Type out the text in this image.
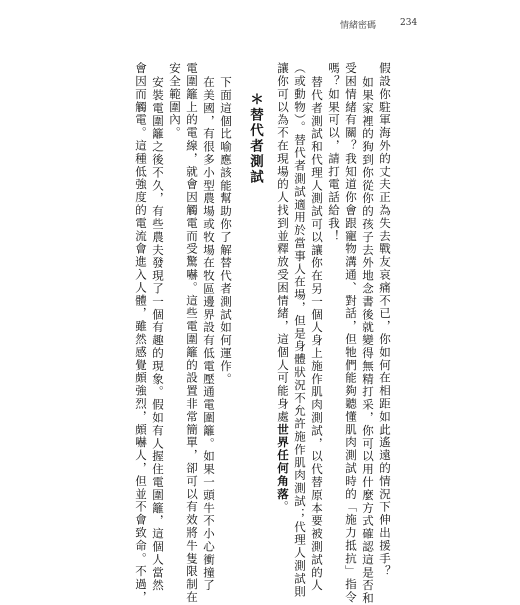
情緒密碼	234
假設你駐軍海外的丈夫正為失去戰友哀痛不已，你如何在相距如此遙遠的情況下伸出援手？
如果家裡的狗到你從你的孩子去外地念書後就變得無精打采，你可以用什麼方式確認這是否和
受困情緒有關？我知道你會跟寵物溝通、對話，但牠們能夠聽懂肌肉測試時的「施力抵抗」指令
嗎？如果可以，請打電話給我！
替代者測試和代理人測試可以讓你在另一個人身上施作肌肉測試，以代替原本要被測試的人
（或動物）。替代者測試適用於當事人在場，但是身體狀況不允許施作肌肉測試；代理人測試則
讓你可以為不在現場的人找到並釋放受困情緒，這個人可能身處世界任何角落。
＊替代者測試
下面這個比喻應該能幫助你了解替代者測試如何運作。
在美國，有很多小型農場或牧場在牧區邊界設有低電壓通電圍籬。如果一頭牛不小心衝撞了
電圍籬上的電線，就會因觸電而受驚嚇。這些電圍籬的設置非常簡單，卻可以有效將牛隻限制在
安全範圍內。
安裝電圍籬之後不久，有些農夫發現了一個有趣的現象。假如有人握住電圍籬，這個人當然
會因而觸電。這種低強度的電流會進入人體，雖然感覺頗強烈，頗嚇人，但並不會致命。不過，
